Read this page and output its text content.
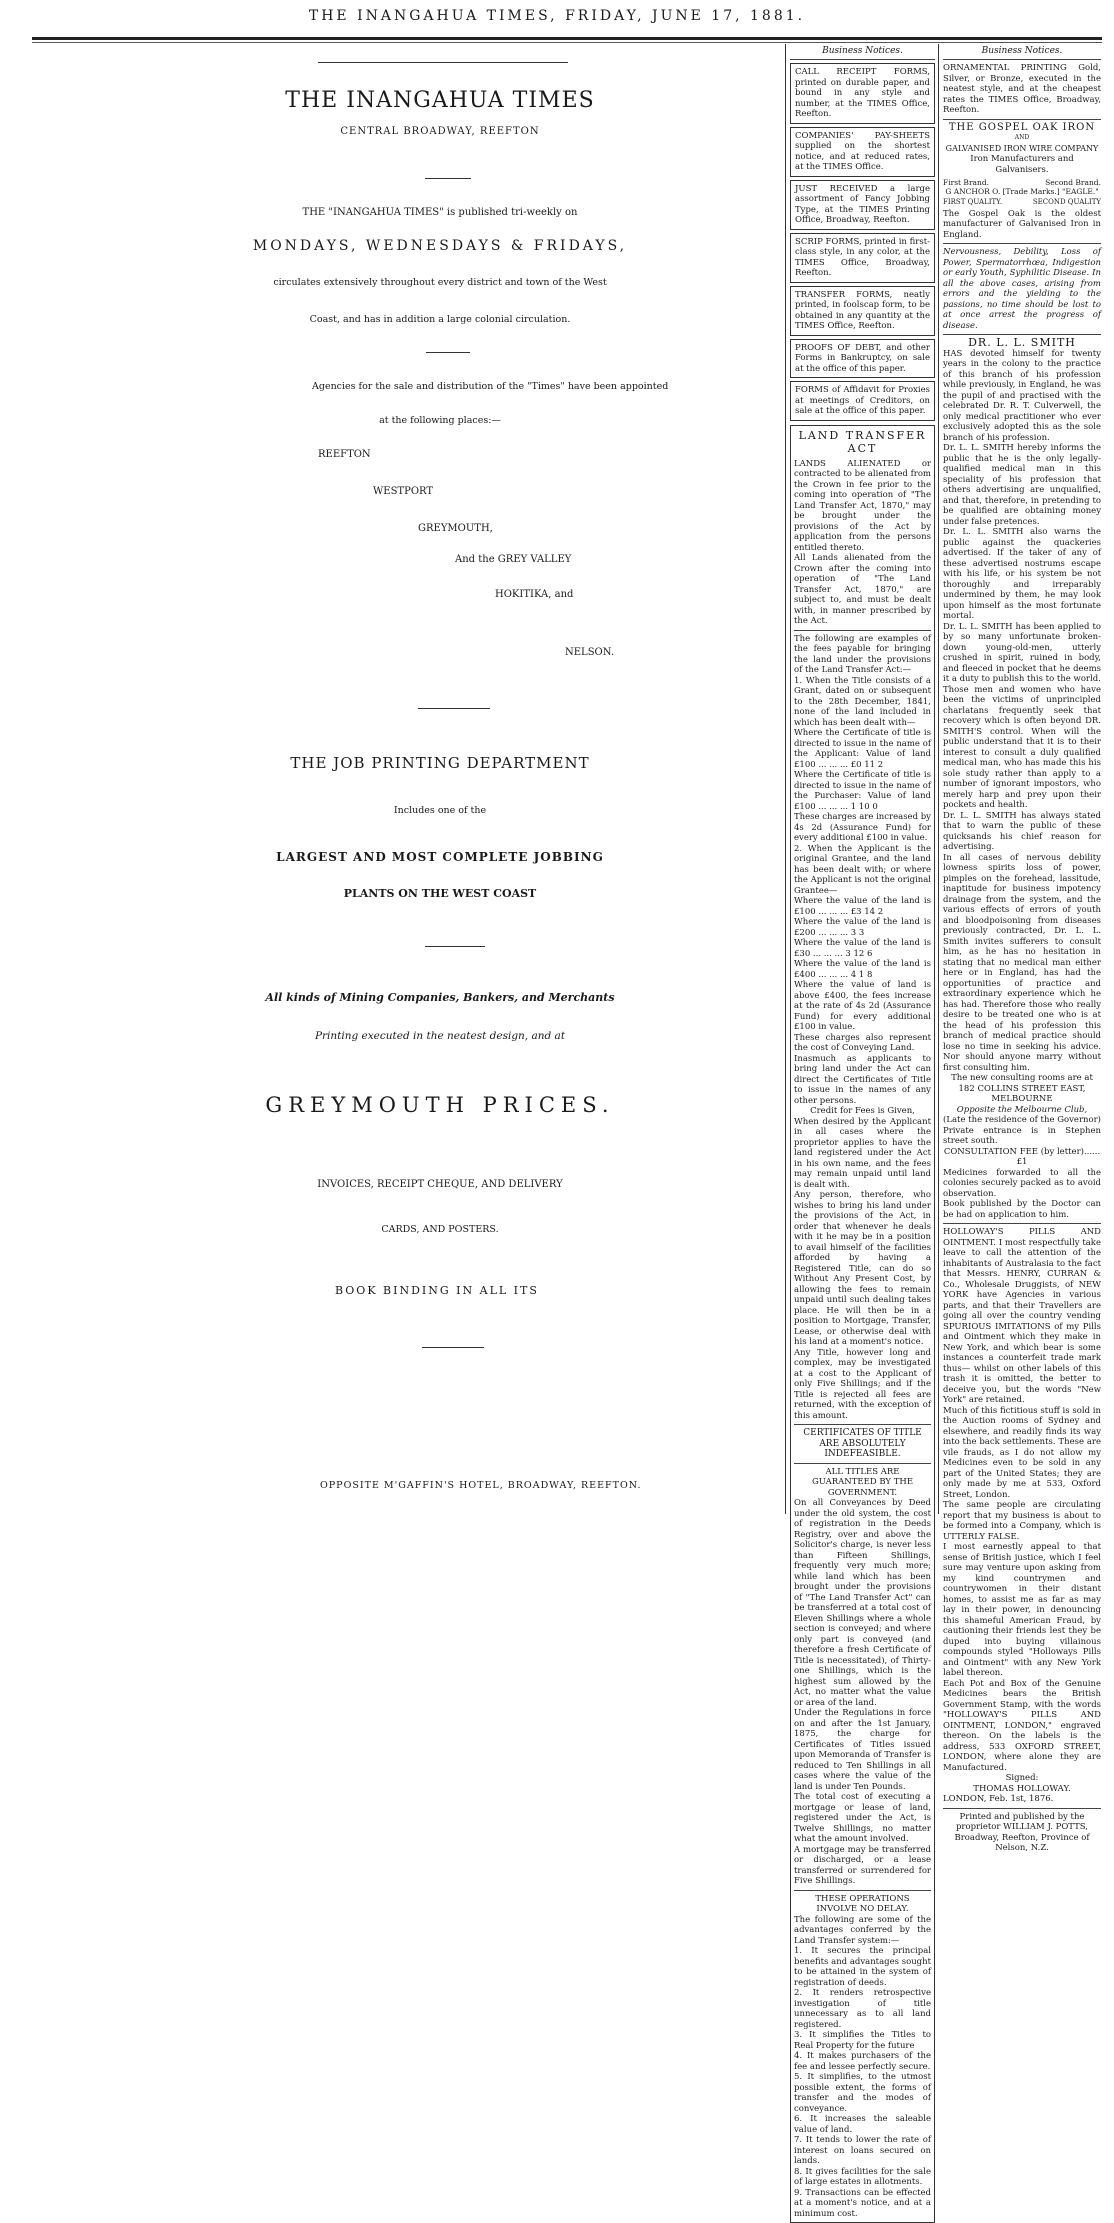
THE INANGAHUA TIMES, FRIDAY, JUNE 17, 1881.
THE INANGAHUA TIMES
CENTRAL BROADWAY, REEFTON
THE "INANGAHUA TIMES" is published tri-weekly on
MONDAYS, WEDNESDAYS & FRIDAYS,
circulates extensively throughout every district and town of the West
Coast, and has in addition a large colonial circulation.
Agencies for the sale and distribution of the "Times" have been appointed
at the following places:—
REEFTON
WESTPORT
GREYMOUTH,
And the GREY VALLEY
HOKITIKA, and
NELSON.
THE JOB PRINTING DEPARTMENT
Includes one of the
LARGEST AND MOST COMPLETE JOBBING
PLANTS ON THE WEST COAST
All kinds of Mining Companies, Bankers, and Merchants
Printing executed in the neatest design, and at
GREYMOUTH PRICES.
INVOICES, RECEIPT CHEQUE, AND DELIVERY
CARDS, AND POSTERS.
BOOK BINDING IN ALL ITS
OPPOSITE M'GAFFIN'S HOTEL, BROADWAY, REEFTON.
Business Notices.
CALL RECEIPT FORMS, printed on durable paper, and bound in any style and number, at the TIMES Office, Reefton.
COMPANIES' PAY-SHEETS supplied on the shortest notice, and at reduced rates, at the TIMES Office.
JUST RECEIVED a large assortment of Fancy Jobbing Type, at the TIMES Printing Office, Broadway, Reefton.
SCRIP FORMS, printed in first-class style, in any color, at the TIMES Office, Broadway, Reefton.
TRANSFER FORMS, neatly printed, in foolscap form, to be obtained in any quantity at the TIMES Office, Reefton.
PROOFS OF DEBT, and other Forms in Bankruptcy, on sale at the office of this paper.
FORMS of Affidavit for Proxies at meetings of Creditors, on sale at the office of this paper.
LAND TRANSFER ACT
LANDS ALIENATED or contracted to be alienated from the Crown in fee prior to the coming into operation of "The Land Transfer Act, 1870," may be brought under the provisions of the Act by application from the persons entitled thereto.
All Lands alienated from the Crown after the coming into operation of "The Land Transfer Act, 1870," are subject to, and must be dealt with, in manner prescribed by the Act.
The following are examples of the fees payable for bringing the land under the provisions of the Land Transfer Act:—
1. When the Title consists of a Grant, dated on or subsequent to the 28th December, 1841, none of the land included in which has been dealt with—
Where the Certificate of title is directed to issue in the name of the Applicant: Value of land £100 ... ... ... £0 11 2
Where the Certificate of title is directed to issue in the name of the Purchaser: Value of land £100 ... ... ... 1 10 0
These charges are increased by 4s 2d (Assurance Fund) for every additional £100 in value.
2. When the Applicant is the original Grantee, and the land has been dealt with; or where the Applicant is not the original Grantee—
Where the value of the land is £100 ... ... ... £3 14 2
Where the value of the land is £200 ... ... ... 3 3
Where the value of the land is £30 ... ... ... 3 12 6
Where the value of the land is £400 ... ... ... 4 1 8
Where the value of land is above £400, the fees increase at the rate of 4s 2d (Assurance Fund) for every additional £100 in value.
These charges also represent the cost of Conveying Land.
Inasmuch as applicants to bring land under the Act can direct the Certificates of Title to issue in the names of any other persons.
Credit for Fees is Given,
When desired by the Applicant in all cases where the proprietor applies to have the land registered under the Act in his own name, and the fees may remain unpaid until land is dealt with.
Any person, therefore, who wishes to bring his land under the provisions of the Act, in order that whenever he deals with it he may be in a position to avail himself of the facilities afforded by having a Registered Title, can do so Without Any Present Cost, by allowing the fees to remain unpaid until such dealing takes place. He will then be in a position to Mortgage, Transfer, Lease, or otherwise deal with his land at a moment's notice.
Any Title, however long and complex, may be investigated at a cost to the Applicant of only Five Shillings; and if the Title is rejected all fees are returned, with the exception of this amount.
CERTIFICATES OF TITLE ARE ABSOLUTELY INDEFEASIBLE.
ALL TITLES ARE GUARANTEED BY THE GOVERNMENT.
On all Conveyances by Deed under the old system, the cost of registration in the Deeds Registry, over and above the Solicitor's charge, is never less than Fifteen Shillings, frequently very much more; while land which has been brought under the provisions of "The Land Transfer Act" can be transferred at a total cost of Eleven Shillings where a whole section is conveyed; and where only part is conveyed (and therefore a fresh Certificate of Title is necessitated), of Thirty-one Shillings, which is the highest sum allowed by the Act, no matter what the value or area of the land.
Under the Regulations in force on and after the 1st January, 1875, the charge for Certificates of Titles issued upon Memoranda of Transfer is reduced to Ten Shillings in all cases where the value of the land is under Ten Pounds.
The total cost of executing a mortgage or lease of land, registered under the Act, is Twelve Shillings, no matter what the amount involved.
A mortgage may be transferred or discharged, or a lease transferred or surrendered for Five Shillings.
THESE OPERATIONS INVOLVE NO DELAY.
The following are some of the advantages conferred by the Land Transfer system:—
1. It secures the principal benefits and advantages sought to be attained in the system of registration of deeds.
2. It renders retrospective investigation of title unnecessary as to all land registered.
3. It simplifies the Titles to Real Property for the future
4. It makes purchasers of the fee and lessee perfectly secure.
5. It simplifies, to the utmost possible extent, the forms of transfer and the modes of conveyance.
6. It increases the saleable value of land.
7. It tends to lower the rate of interest on loans secured on lands.
8. It gives facilities for the sale of large estates in allotments.
9. Transactions can be effected at a moment's notice, and at a minimum cost.
Business Notices.
ORNAMENTAL PRINTING Gold, Silver, or Bronze, executed in the neatest style, and at the cheapest rates the TIMES Office, Broadway, Reefton.
THE GOSPEL OAK IRON
AND
GALVANISED IRON WIRE COMPANY
Iron Manufacturers and Galvanisers.
First Brand.	Second Brand.
G ANCHOR O. [Trade Marks.] "EAGLE."
FIRST QUALITY.	SECOND QUALITY
The Gospel Oak is the oldest manufacturer of Galvanised Iron in England.
Nervousness, Debility, Loss of Power, Spermatorrhœa, Indigestion or early Youth, Syphilitic Disease. In all the above cases, arising from errors and the yielding to the passions, no time should be lost to at once arrest the progress of disease.
DR. L. L. SMITH
HAS devoted himself for twenty years in the colony to the practice of this branch of his profession while previously, in England, he was the pupil of and practised with the celebrated Dr. R. T. Culverwell, the only medical practitioner who ever exclusively adopted this as the sole branch of his profession.
Dr. L. L. SMITH hereby informs the public that he is the only legally-qualified medical man in this speciality of his profession that others advertising are unqualified, and that, therefore, in pretending to be qualified are obtaining money under false pretences.
Dr. L. L. SMITH also warns the public against the quackeries advertised. If the taker of any of these advertised nostrums escape with his life, or his system be not thoroughly and irreparably undermined by them, he may look upon himself as the most fortunate mortal.
Dr. L. L. SMITH has been applied to by so many unfortunate broken-down young-old-men, utterly crushed in spirit, ruined in body, and fleeced in pocket that he deems it a duty to publish this to the world.
Those men and women who have been the victims of unprincipled charlatans frequently seek that recovery which is often beyond DR. SMITH'S control. When will the public understand that it is to their interest to consult a duly qualified medical man, who has made this his sole study rather than apply to a number of ignorant impostors, who merely harp and prey upon their pockets and health.
Dr. L. L. SMITH has always stated that to warn the public of these quicksands his chief reason for advertising.
In all cases of nervous debility lowness spirits loss of power, pimples on the forehead, lassitude, inaptitude for business impotency drainage from the system, and the various effects of errors of youth and bloodpoisoning from diseases previously contracted, Dr. L. L. Smith invites sufferers to consult him, as he has no hesitation in stating that no medical man either here or in England, has had the opportunities of practice and extraordinary experience which he has had. Therefore those who really desire to be treated one who is at the head of his profession this branch of medical practice should lose no time in seeking his advice. Nor should anyone marry without first consulting him.
The new consulting rooms are at
182 COLLINS STREET EAST, MELBOURNE
Opposite the Melbourne Club,
(Late the residence of the Governor) Private entrance is in Stephen street south.
CONSULTATION FEE (by letter)......£1
Medicines forwarded to all the colonies securely packed as to avoid observation.
Book published by the Doctor can be had on application to him.
HOLLOWAY'S PILLS AND OINTMENT. I most respectfully take leave to call the attention of the inhabitants of Australasia to the fact that Messrs. HENRY, CURRAN & Co., Wholesale Druggists, of NEW YORK have Agencies in various parts, and that their Travellers are going all over the country vending SPURIOUS IMITATIONS of my Pills and Ointment which they make in New York, and which bear is some instances a counterfeit trade mark thus— whilst on other labels of this trash it is omitted, the better to deceive you, but the words "New York" are retained.
Much of this fictitious stuff is sold in the Auction rooms of Sydney and elsewhere, and readily finds its way into the back settlements. These are vile frauds, as I do not allow my Medicines even to be sold in any part of the United States; they are only made by me at 533, Oxford Street, London.
The same people are circulating report that my business is about to be formed into a Company, which is UTTERLY FALSE.
I most earnestly appeal to that sense of British justice, which I feel sure may venture upon asking from my kind countrymen and countrywomen in their distant homes, to assist me as far as may lay in their power, in denouncing this shameful American Fraud, by cautioning their friends lest they be duped into buying villainous compounds styled "Holloways Pills and Ointment" with any New York label thereon.
Each Pot and Box of the Genuine Medicines bears the British Government Stamp, with the words "HOLLOWAY'S PILLS AND OINTMENT, LONDON," engraved thereon. On the labels is the address, 533 OXFORD STREET, LONDON, where alone they are Manufactured.
Signed:
THOMAS HOLLOWAY.
LONDON, Feb. 1st, 1876.
Printed and published by the proprietor WILLIAM J. POTTS, Broadway, Reefton, Province of Nelson, N.Z.
